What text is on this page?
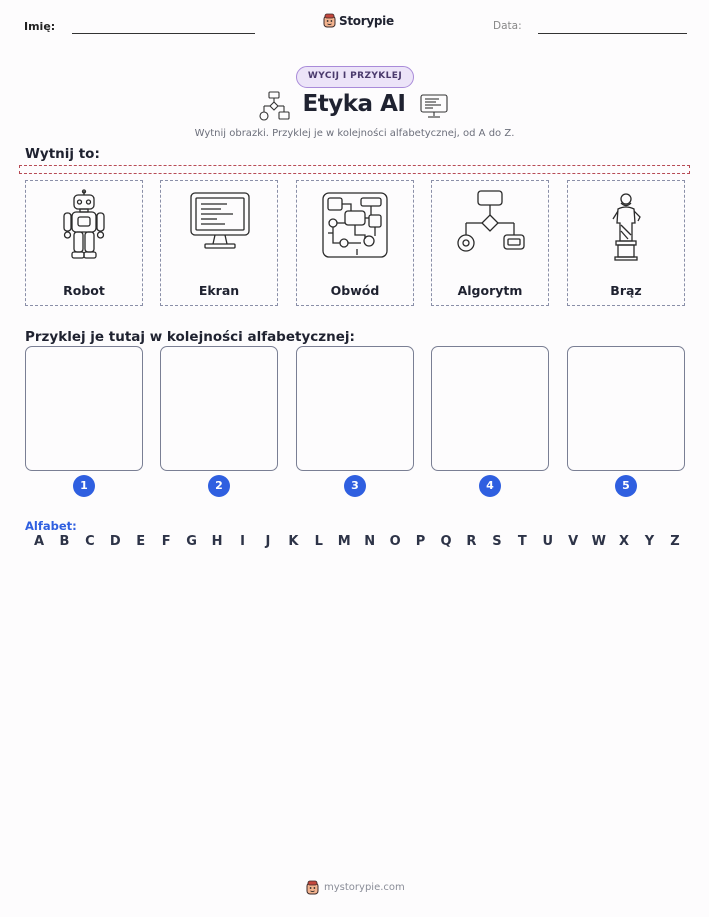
Imię:	Storypie	Data:
WYCIJ I PRZYKLEJ
Etyka AI
Wytnij obrazki. Przyklej je w kolejności alfabetycznej, od A do Z.
Wytnij to:
Robot	Ekran	Obwód	Algorytm	Brąz
Przyklej je tutaj w kolejności alfabetycznej:
1	2	3	4	5
Alfabet:
A B C D E F G H	I	J	K L M N O P Q R S T U V W X Y Z
mystorypie.com
